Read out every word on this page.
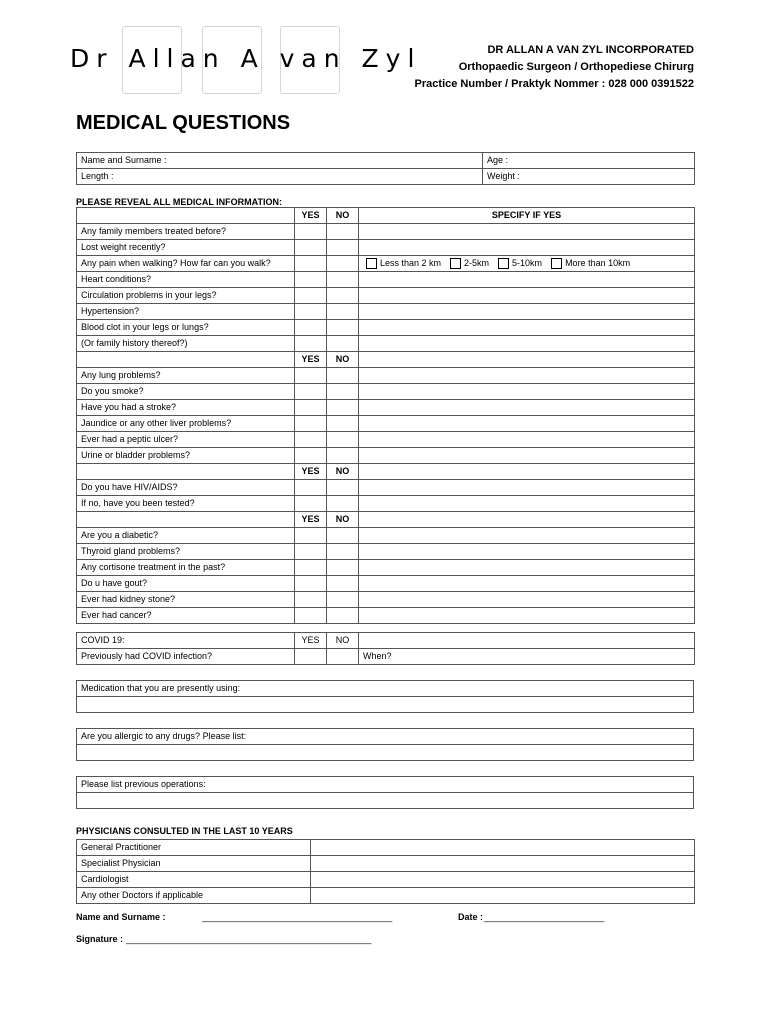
Dr Allan A van Zyl	DR ALLAN A VAN ZYL INCORPORATED
Orthopaedic Surgeon / Orthopediese Chirurg
Practice Number / Praktyk Nommer : 028 000 0391522
MEDICAL QUESTIONS
Name and Surname :	Age :
Length :	Weight :
PLEASE REVEAL ALL MEDICAL INFORMATION:
	YES	NO	SPECIFY IF YES
Any family members treated before?			
Lost weight recently?			
Any pain when walking? How far can you walk?			Less than 2 km 2-5km 5-10km More than 10km
Heart conditions?			
Circulation problems in your legs?			
Hypertension?			
Blood clot in your legs or lungs?			
(Or family history thereof?)			
	YES	NO	
Any lung problems?			
Do you smoke?			
Have you had a stroke?			
Jaundice or any other liver problems?			
Ever had a peptic ulcer?			
Urine or bladder problems?			
	YES	NO	
Do you have HIV/AIDS?			
If no, have you been tested?			
	YES	NO	
Are you a diabetic?			
Thyroid gland problems?			
Any cortisone treatment in the past?			
Do u have gout?			
Ever had kidney stone?			
Ever had cancer?			
COVID 19:	YES	NO	
Previously had COVID infection?			When?
Medication that you are presently using:

Are you allergic to any drugs? Please list:

Please list previous operations:

PHYSICIANS CONSULTED IN THE LAST 10 YEARS
General Practitioner	
Specialist Physician	
Cardiologist	
Any other Doctors if applicable	
Name and Surname :	______________________________________	Date : ________________________
Signature : _________________________________________________
